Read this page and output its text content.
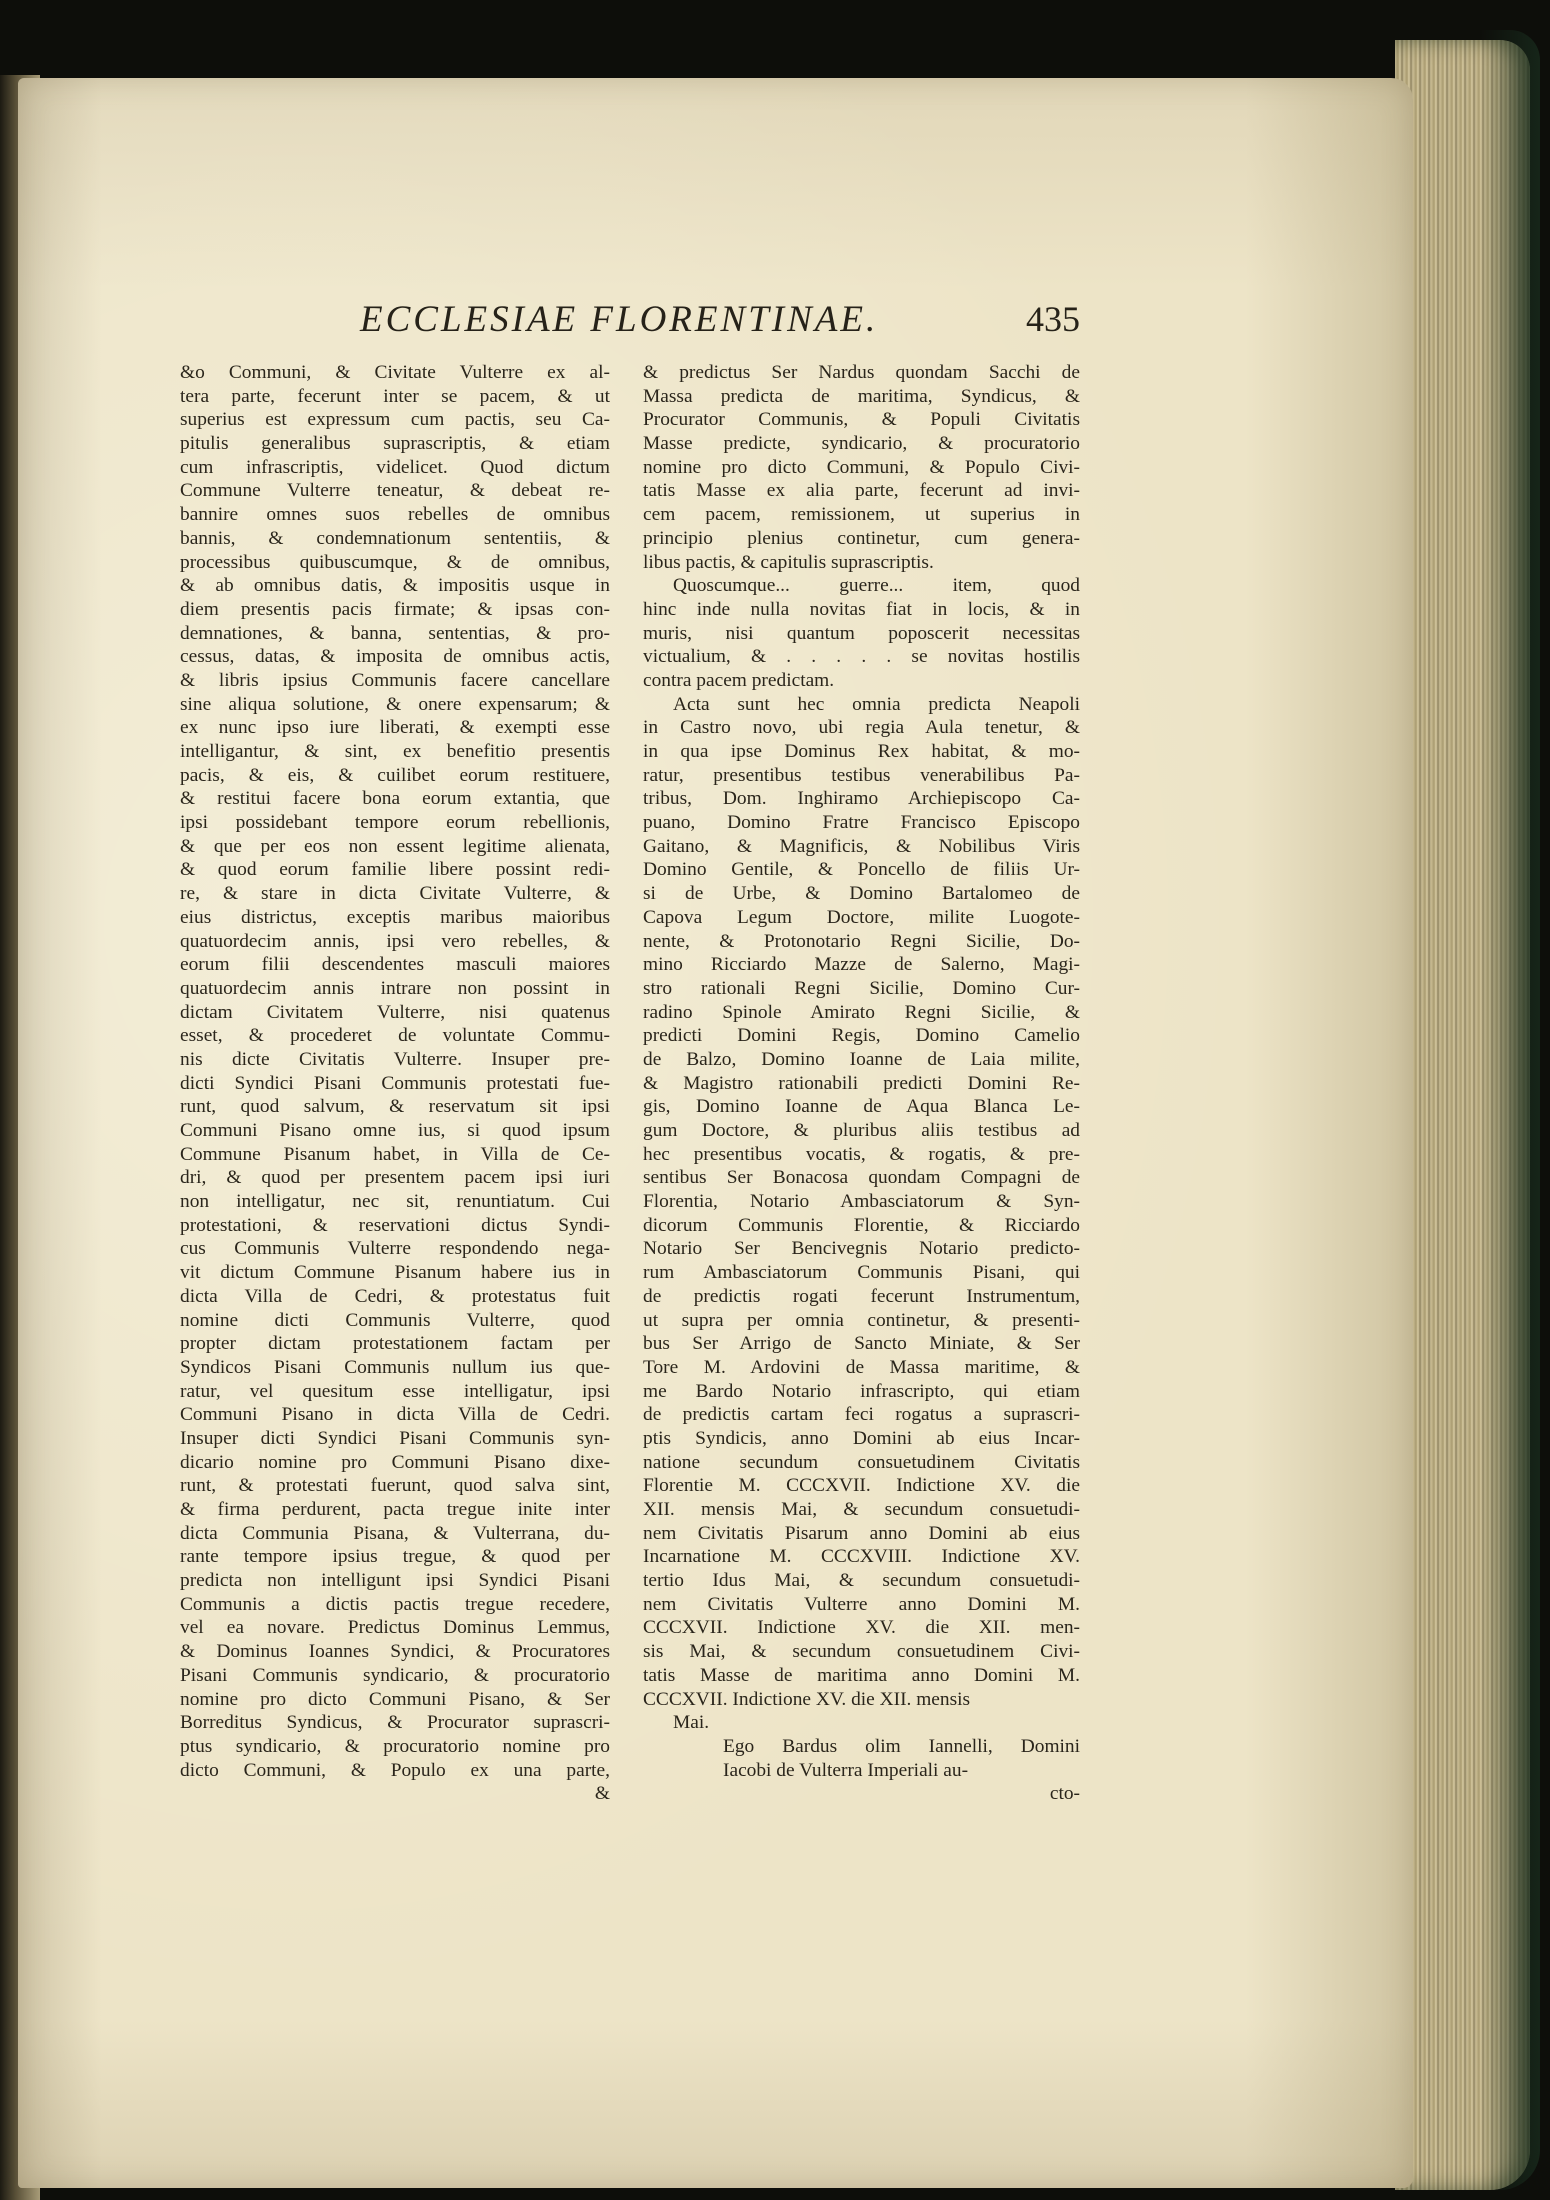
ECCLESIAE FLORENTINAE.	435
&o Communi, & Civitate Vulterre ex al-
tera parte, fecerunt inter se pacem, & ut
superius est expressum cum pactis, seu Ca-
pitulis generalibus suprascriptis, & etiam
cum infrascriptis, videlicet. Quod dictum
Commune Vulterre teneatur, & debeat re-
bannire omnes suos rebelles de omnibus
bannis, & condemnationum sententiis, &
processibus quibuscumque, & de omnibus,
& ab omnibus datis, & impositis usque in
diem presentis pacis firmate; & ipsas con-
demnationes, & banna, sententias, & pro-
cessus, datas, & imposita de omnibus actis,
& libris ipsius Communis facere cancellare
sine aliqua solutione, & onere expensarum; &
ex nunc ipso iure liberati, & exempti esse
intelligantur, & sint, ex benefitio presentis
pacis, & eis, & cuilibet eorum restituere,
& restitui facere bona eorum extantia, que
ipsi possidebant tempore eorum rebellionis,
& que per eos non essent legitime alienata,
& quod eorum familie libere possint redi-
re, & stare in dicta Civitate Vulterre, &
eius districtus, exceptis maribus maioribus
quatuordecim annis, ipsi vero rebelles, &
eorum filii descendentes masculi maiores
quatuordecim annis intrare non possint in
dictam Civitatem Vulterre, nisi quatenus
esset, & procederet de voluntate Commu-
nis dicte Civitatis Vulterre. Insuper pre-
dicti Syndici Pisani Communis protestati fue-
runt, quod salvum, & reservatum sit ipsi
Communi Pisano omne ius, si quod ipsum
Commune Pisanum habet, in Villa de Ce-
dri, & quod per presentem pacem ipsi iuri
non intelligatur, nec sit, renuntiatum. Cui
protestationi, & reservationi dictus Syndi-
cus Communis Vulterre respondendo nega-
vit dictum Commune Pisanum habere ius in
dicta Villa de Cedri, & protestatus fuit
nomine dicti Communis Vulterre, quod
propter dictam protestationem factam per
Syndicos Pisani Communis nullum ius que-
ratur, vel quesitum esse intelligatur, ipsi
Communi Pisano in dicta Villa de Cedri.
Insuper dicti Syndici Pisani Communis syn-
dicario nomine pro Communi Pisano dixe-
runt, & protestati fuerunt, quod salva sint,
& firma perdurent, pacta tregue inite inter
dicta Communia Pisana, & Vulterrana, du-
rante tempore ipsius tregue, & quod per
predicta non intelligunt ipsi Syndici Pisani
Communis a dictis pactis tregue recedere,
vel ea novare. Predictus Dominus Lemmus,
& Dominus Ioannes Syndici, & Procuratores
Pisani Communis syndicario, & procuratorio
nomine pro dicto Communi Pisano, & Ser
Borreditus Syndicus, & Procurator suprascri-
ptus syndicario, & procuratorio nomine pro
dicto Communi, & Populo ex una parte,
&
& predictus Ser Nardus quondam Sacchi de
Massa predicta de maritima, Syndicus, &
Procurator Communis, & Populi Civitatis
Masse predicte, syndicario, & procuratorio
nomine pro dicto Communi, & Populo Civi-
tatis Masse ex alia parte, fecerunt ad invi-
cem pacem, remissionem, ut superius in
principio plenius continetur, cum genera-
libus pactis, & capitulis suprascriptis.
Quoscumque... guerre... item, quod
hinc inde nulla novitas fiat in locis, & in
muris, nisi quantum poposcerit necessitas
victualium, & . . . . . se novitas hostilis
contra pacem predictam.
Acta sunt hec omnia predicta Neapoli
in Castro novo, ubi regia Aula tenetur, &
in qua ipse Dominus Rex habitat, & mo-
ratur, presentibus testibus venerabilibus Pa-
tribus, Dom. Inghiramo Archiepiscopo Ca-
puano, Domino Fratre Francisco Episcopo
Gaitano, & Magnificis, & Nobilibus Viris
Domino Gentile, & Poncello de filiis Ur-
si de Urbe, & Domino Bartalomeo de
Capova Legum Doctore, milite Luogote-
nente, & Protonotario Regni Sicilie, Do-
mino Ricciardo Mazze de Salerno, Magi-
stro rationali Regni Sicilie, Domino Cur-
radino Spinole Amirato Regni Sicilie, &
predicti Domini Regis, Domino Camelio
de Balzo, Domino Ioanne de Laia milite,
& Magistro rationabili predicti Domini Re-
gis, Domino Ioanne de Aqua Blanca Le-
gum Doctore, & pluribus aliis testibus ad
hec presentibus vocatis, & rogatis, & pre-
sentibus Ser Bonacosa quondam Compagni de
Florentia, Notario Ambasciatorum & Syn-
dicorum Communis Florentie, & Ricciardo
Notario Ser Bencivegnis Notario predicto-
rum Ambasciatorum Communis Pisani, qui
de predictis rogati fecerunt Instrumentum,
ut supra per omnia continetur, & presenti-
bus Ser Arrigo de Sancto Miniate, & Ser
Tore M. Ardovini de Massa maritime, &
me Bardo Notario infrascripto, qui etiam
de predictis cartam feci rogatus a suprascri-
ptis Syndicis, anno Domini ab eius Incar-
natione secundum consuetudinem Civitatis
Florentie M. CCCXVII. Indictione XV. die
XII. mensis Mai, & secundum consuetudi-
nem Civitatis Pisarum anno Domini ab eius
Incarnatione M. CCCXVIII. Indictione XV.
tertio Idus Mai, & secundum consuetudi-
nem Civitatis Vulterre anno Domini M.
CCCXVII. Indictione XV. die XII. men-
sis Mai, & secundum consuetudinem Civi-
tatis Masse de maritima anno Domini M.
CCCXVII. Indictione XV. die XII. mensis
Mai.
Ego Bardus olim Iannelli, Domini
Iacobi de Vulterra Imperiali au-
cto-
